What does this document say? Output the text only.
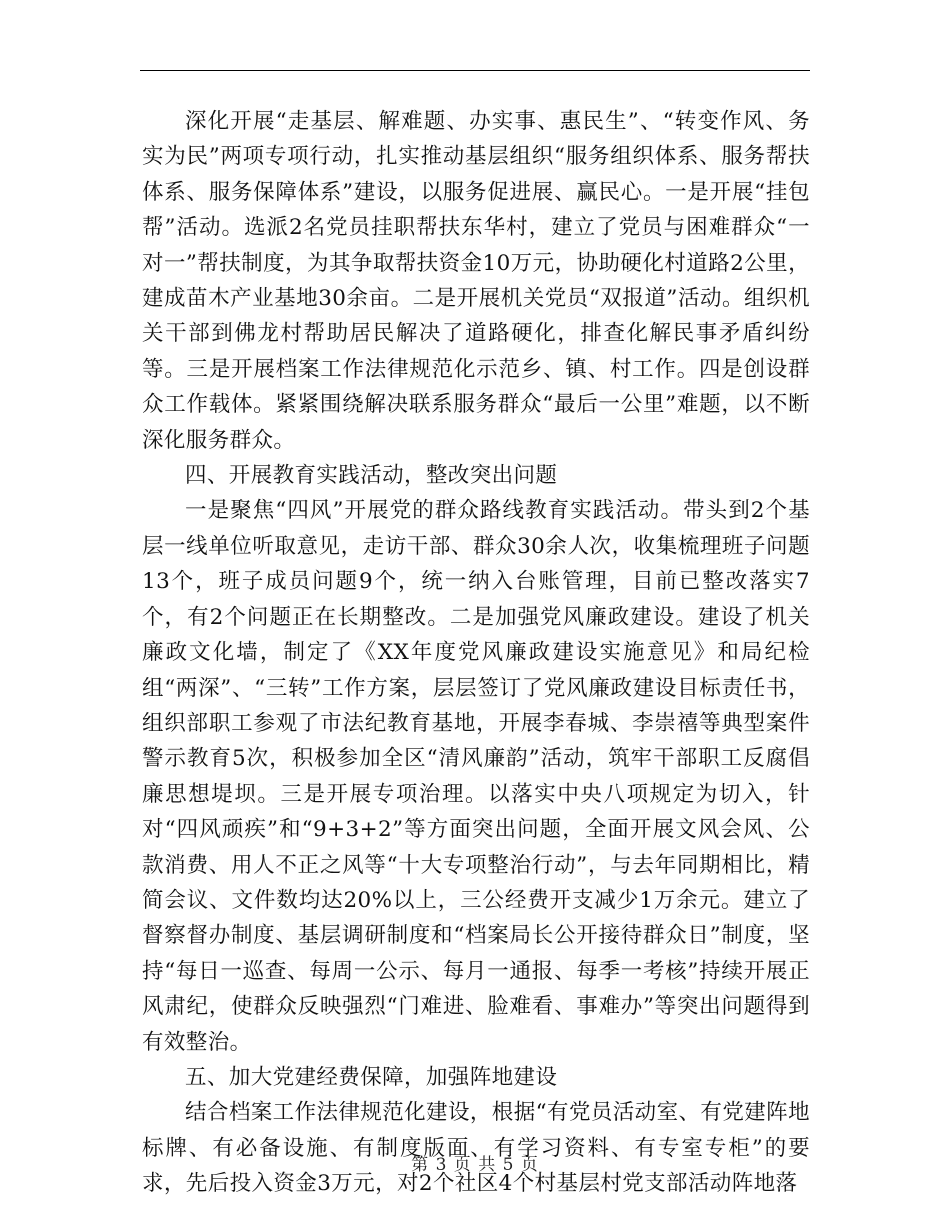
深化开展“走基层、解难题、办实事、惠民生”、“转变作风、务实为民”两项专项行动，扎实推动基层组织“服务组织体系、服务帮扶体系、服务保障体系”建设，以服务促进展、赢民心。一是开展“挂包帮”活动。选派2名党员挂职帮扶东华村，建立了党员与困难群众“一对一”帮扶制度，为其争取帮扶资金10万元，协助硬化村道路2公里，建成苗木产业基地30余亩。二是开展机关党员“双报道”活动。组织机关干部到佛龙村帮助居民解决了道路硬化，排查化解民事矛盾纠纷等。三是开展档案工作法律规范化示范乡、镇、村工作。四是创设群众工作载体。紧紧围绕解决联系服务群众“最后一公里”难题，以不断深化服务群众。

四、开展教育实践活动，整改突出问题

一是聚焦“四风”开展党的群众路线教育实践活动。带头到2个基层一线单位听取意见，走访干部、群众30余人次，收集梳理班子问题13个，班子成员问题9个，统一纳入台账管理，目前已整改落实7个，有2个问题正在长期整改。二是加强党风廉政建设。建设了机关廉政文化墙，制定了《XX年度党风廉政建设实施意见》和局纪检组“两深”、“三转”工作方案，层层签订了党风廉政建设目标责任书，组织部职工参观了市法纪教育基地，开展李春城、李崇禧等典型案件警示教育5次，积极参加全区“清风廉韵”活动，筑牢干部职工反腐倡廉思想堤坝。三是开展专项治理。以落实中央八项规定为切入，针对“四风顽疾”和“9+3+2”等方面突出问题，全面开展文风会风、公款消费、用人不正之风等“十大专项整治行动”，与去年同期相比，精简会议、文件数均达20%以上，三公经费开支减少1万余元。建立了督察督办制度、基层调研制度和“档案局长公开接待群众日”制度，坚持“每日一巡查、每周一公示、每月一通报、每季一考核”持续开展正风肃纪，使群众反映强烈“门难进、脸难看、事难办”等突出问题得到有效整治。

五、加大党建经费保障，加强阵地建设

结合档案工作法律规范化建设，根据“有党员活动室、有党建阵地标牌、有必备设施、有制度版面、有学习资料、有专室专柜”的要求，先后投入资金3万元，对2个社区4个村基层村党支部活动阵地落

第 3 页 共 5 页
